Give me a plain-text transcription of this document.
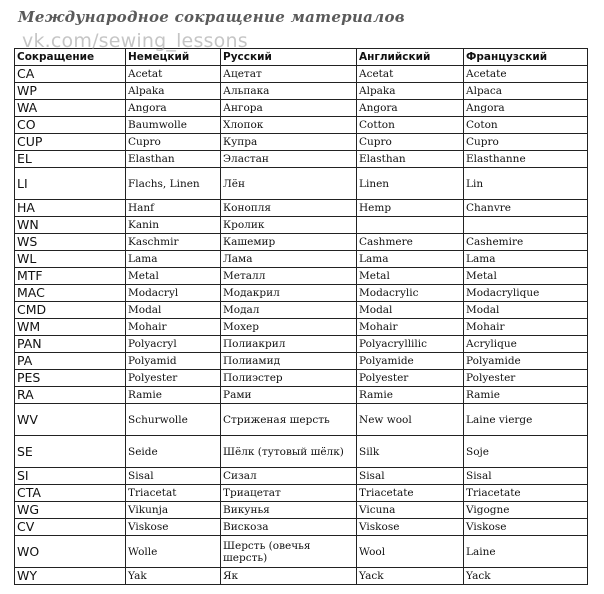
Международное сокращение материалов
vk.com/sewing_lessons
Сокращение	Немецкий	Русский	Английский	Французский
CA	Acetat	Ацетат	Acetat	Acetate
WP	Alpaka	Альпака	Alpaka	Alpaca
WA	Angora	Ангора	Angora	Angora
CO	Baumwolle	Хлопок	Cotton	Coton
CUP	Cupro	Купра	Cupro	Cupro
EL	Elasthan	Эластан	Elasthan	Elasthanne
LI	Flachs, Linen	Лён	Linen	Lin
HA	Hanf	Конопля	Hemp	Chanvre
WN	Kanin	Кролик		
WS	Kaschmir	Кашемир	Cashmere	Cashemire
WL	Lama	Лама	Lama	Lama
MTF	Metal	Металл	Metal	Metal
MAC	Modacryl	Модакрил	Modacrylic	Modacrylique
CMD	Modal	Модал	Modal	Modal
WM	Mohair	Мохер	Mohair	Mohair
PAN	Polyacryl	Полиакрил	Polyacryllilic	Acrylique
PA	Polyamid	Полиамид	Polyamide	Polyamide
PES	Polyester	Полиэстер	Polyester	Polyester
RA	Ramie	Рами	Ramie	Ramie
WV	Schurwolle	Стриженая шерсть	New wool	Laine vierge
SE	Seide	Шёлк (тутовый шёлк)	Silk	Soje
SI	Sisal	Сизал	Sisal	Sisal
CTA	Triacetat	Триацетат	Triacetate	Triacetate
WG	Vikunja	Викунья	Vicuna	Vigogne
CV	Viskose	Вискоза	Viskose	Viskose
WO	Wolle	Шерсть (овечья шерсть)	Wool	Laine
WY	Yak	Як	Yack	Yack
